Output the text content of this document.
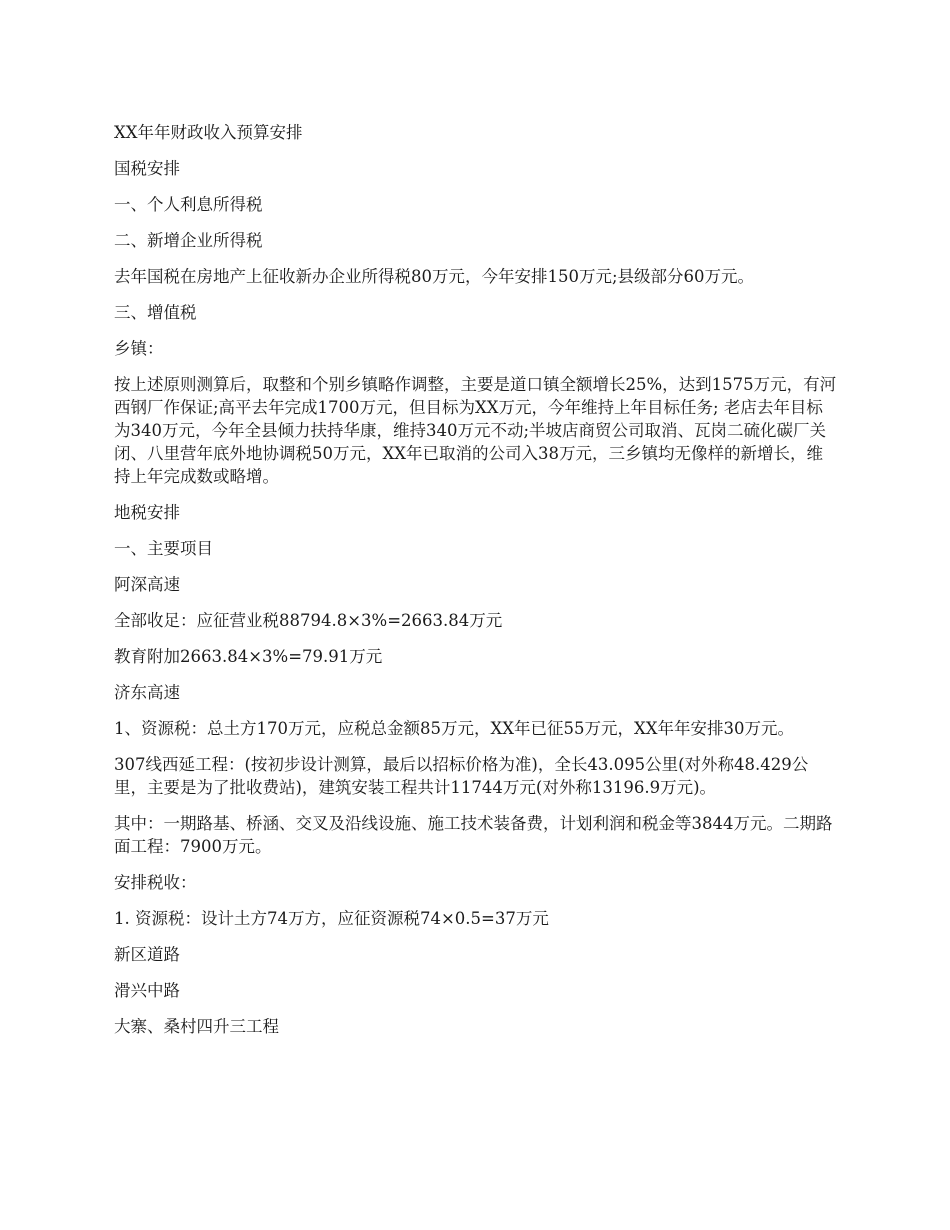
XX年年财政收入预算安排

国税安排

一、个人利息所得税

二、新增企业所得税

去年国税在房地产上征收新办企业所得税80万元，今年安排150万元;县级部分60万元。

三、增值税

乡镇：

按上述原则测算后，取整和个别乡镇略作调整，主要是道口镇全额增长25%，达到1575万元，有河西钢厂作保证;高平去年完成1700万元，但目标为XX万元，今年维持上年目标任务; 老店去年目标为340万元，今年全县倾力扶持华康，维持340万元不动;半坡店商贸公司取消、瓦岗二硫化碳厂关闭、八里营年底外地协调税50万元，XX年已取消的公司入38万元，三乡镇均无像样的新增长，维持上年完成数或略增。

地税安排

一、主要项目

阿深高速

全部收足：应征营业税88794.8×3%=2663.84万元

教育附加2663.84×3%=79.91万元

济东高速

1、资源税：总土方170万元，应税总金额85万元，XX年已征55万元，XX年年安排30万元。

307线西延工程：(按初步设计测算，最后以招标价格为准)，全长43.095公里(对外称48.429公里，主要是为了批收费站)，建筑安装工程共计11744万元(对外称13196.9万元)。

其中：一期路基、桥涵、交叉及沿线设施、施工技术装备费，计划利润和税金等3844万元。二期路面工程：7900万元。

安排税收：

1. 资源税：设计土方74万方，应征资源税74×0.5=37万元

新区道路

滑兴中路

大寨、桑村四升三工程
